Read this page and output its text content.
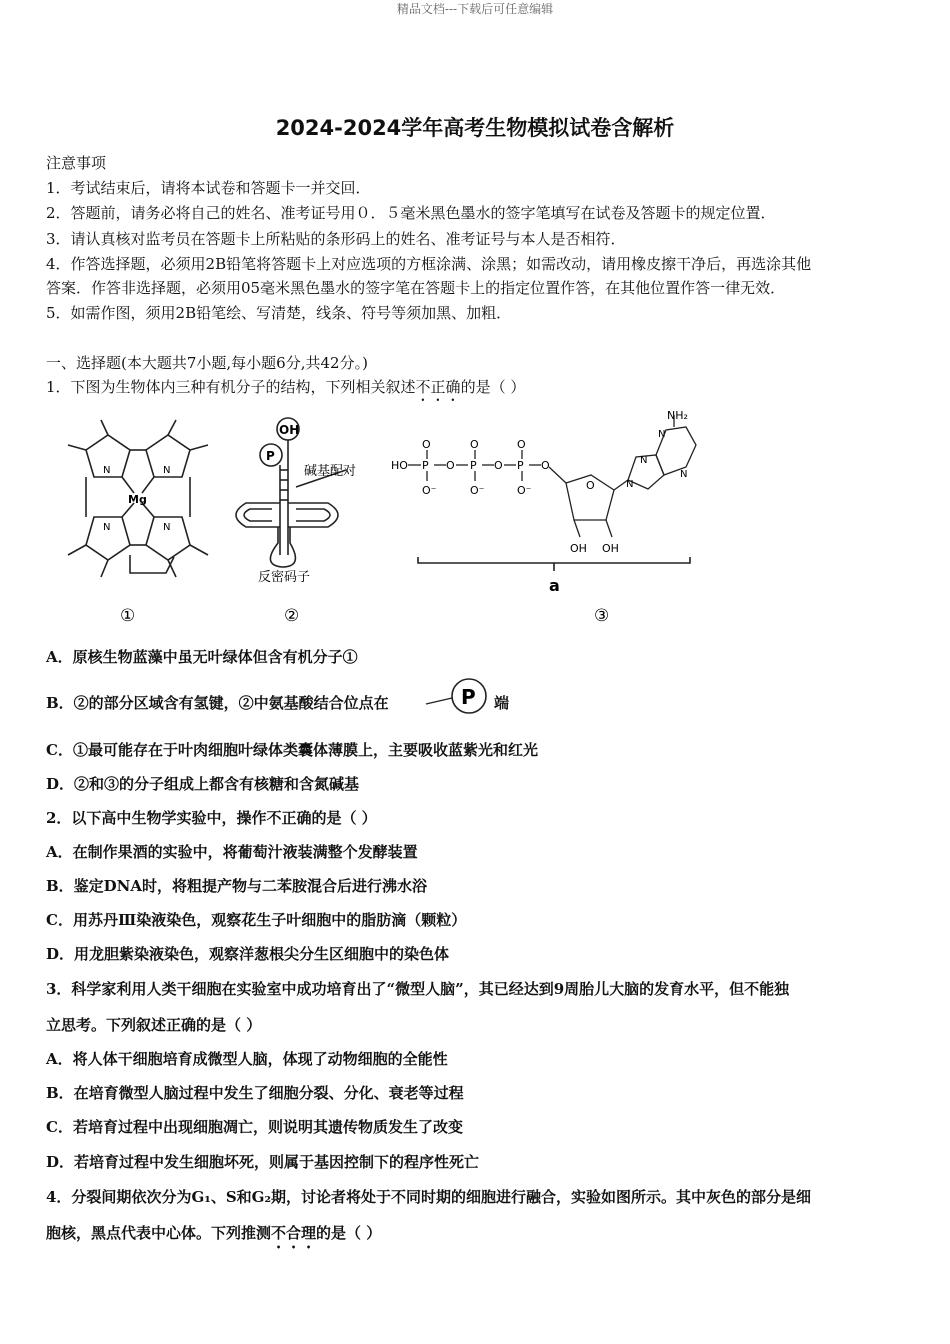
精品文档---下载后可任意编辑
2024-2024学年高考生物模拟试卷含解析
注意事项
1．考试结束后，请将本试卷和答题卡一并交回．
2．答题前，请务必将自己的姓名、准考证号用０．５毫米黑色墨水的签字笔填写在试卷及答题卡的规定位置．
3．请认真核对监考员在答题卡上所粘贴的条形码上的姓名、准考证号与本人是否相符．
4．作答选择题，必须用2B铅笔将答题卡上对应选项的方框涂满、涂黑；如需改动，请用橡皮擦干净后，再选涂其他
答案．作答非选择题，必须用05毫米黑色墨水的签字笔在答题卡上的指定位置作答，在其他位置作答一律无效．
5．如需作图，须用2B铅笔绘、写清楚，线条、符号等须加黑、加粗．
一、选择题(本大题共7小题,每小题6分,共42分。)
1．下图为生物体内三种有机分子的结构，下列相关叙述不正确的是（ ）
N	N
N	N
Mg
①
OH
P
碱基配对
反密码子
②
HO P O P O P O
O⁻	O⁻	O⁻
O	O	O
O	N
N
N
N
NH₂
OH OH
a
③
A．原核生物蓝藻中虽无叶绿体但含有机分子①
B．②的部分区域含有氢键，②中氨基酸结合位点在	P 端
C．①最可能存在于叶肉细胞叶绿体类囊体薄膜上，主要吸收蓝紫光和红光
D．②和③的分子组成上都含有核糖和含氮碱基
2．以下高中生物学实验中，操作不正确的是（ ）
A．在制作果酒的实验中，将葡萄汁液装满整个发酵装置
B．鉴定DNA时，将粗提产物与二苯胺混合后进行沸水浴
C．用苏丹Ⅲ染液染色，观察花生子叶细胞中的脂肪滴（颗粒）
D．用龙胆紫染液染色，观察洋葱根尖分生区细胞中的染色体
3．科学家利用人类干细胞在实验室中成功培育出了“微型人脑”，其已经达到9周胎儿大脑的发育水平，但不能独
立思考。下列叙述正确的是（ ）
A．将人体干细胞培育成微型人脑，体现了动物细胞的全能性
B．在培育微型人脑过程中发生了细胞分裂、分化、衰老等过程
C．若培育过程中出现细胞凋亡，则说明其遗传物质发生了改变
D．若培育过程中发生细胞坏死，则属于基因控制下的程序性死亡
4．分裂间期依次分为G₁、S和G₂期，讨论者将处于不同时期的细胞进行融合，实验如图所示。其中灰色的部分是细
胞核，黑点代表中心体。下列推测不合理的是（ ）
